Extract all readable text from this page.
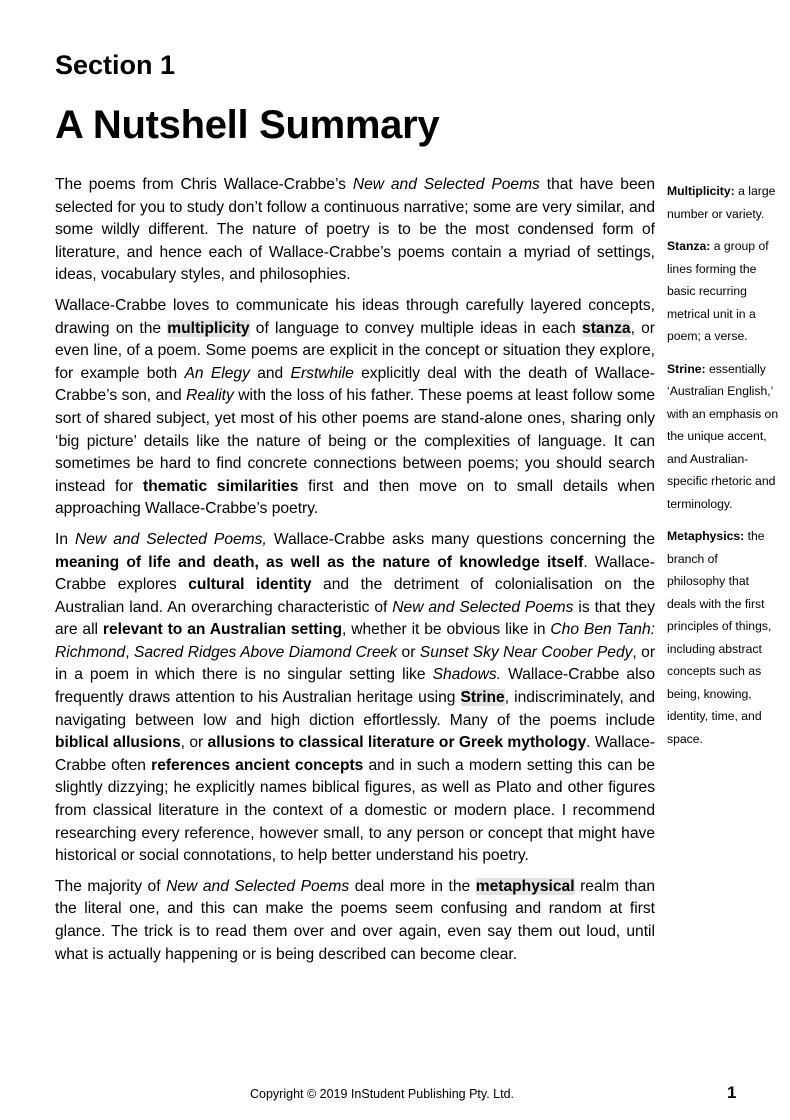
Section 1
A Nutshell Summary

The poems from Chris Wallace-Crabbe’s New and Selected Poems that have been selected for you to study don’t follow a continuous narrative; some are very similar, and some wildly different. The nature of poetry is to be the most condensed form of literature, and hence each of Wallace-Crabbe’s poems contain a myriad of settings, ideas, vocabulary styles, and philosophies.

Wallace-Crabbe loves to communicate his ideas through carefully layered concepts, drawing on the multiplicity of language to convey multiple ideas in each stanza, or even line, of a poem. Some poems are explicit in the concept or situation they explore, for example both An Elegy and Erstwhile explicitly deal with the death of Wallace-Crabbe’s son, and Reality with the loss of his father. These poems at least follow some sort of shared subject, yet most of his other poems are stand-alone ones, sharing only ‘big picture’ details like the nature of being or the complexities of language. It can sometimes be hard to find concrete connections between poems; you should search instead for thematic similarities first and then move on to small details when approaching Wallace-Crabbe’s poetry.

In New and Selected Poems, Wallace-Crabbe asks many questions concerning the meaning of life and death, as well as the nature of knowledge itself. Wallace-Crabbe explores cultural identity and the detriment of colonialisation on the Australian land. An overarching characteristic of New and Selected Poems is that they are all relevant to an Australian setting, whether it be obvious like in Cho Ben Tanh: Richmond, Sacred Ridges Above Diamond Creek or Sunset Sky Near Coober Pedy, or in a poem in which there is no singular setting like Shadows. Wallace-Crabbe also frequently draws attention to his Australian heritage using Strine, indiscriminately, and navigating between low and high diction effortlessly. Many of the poems include biblical allusions, or allusions to classical literature or Greek mythology. Wallace-Crabbe often references ancient concepts and in such a modern setting this can be slightly dizzying; he explicitly names biblical figures, as well as Plato and other figures from classical literature in the context of a domestic or modern place. I recommend researching every reference, however small, to any person or concept that might have historical or social connotations, to help better understand his poetry.

The majority of New and Selected Poems deal more in the metaphysical realm than the literal one, and this can make the poems seem confusing and random at first glance. The trick is to read them over and over again, even say them out loud, until what is actually happening or is being described can become clear.

Multiplicity: a large number or variety.
Stanza: a group of lines forming the basic recurring metrical unit in a poem; a verse.
Strine: essentially ‘Australian English,’ with an emphasis on the unique accent, and Australian-specific rhetoric and terminology.
Metaphysics: the branch of philosophy that deals with the first principles of things, including abstract concepts such as being, knowing, identity, time, and space.
Copyright © 2019 InStudent Publishing Pty. Ltd.	1
